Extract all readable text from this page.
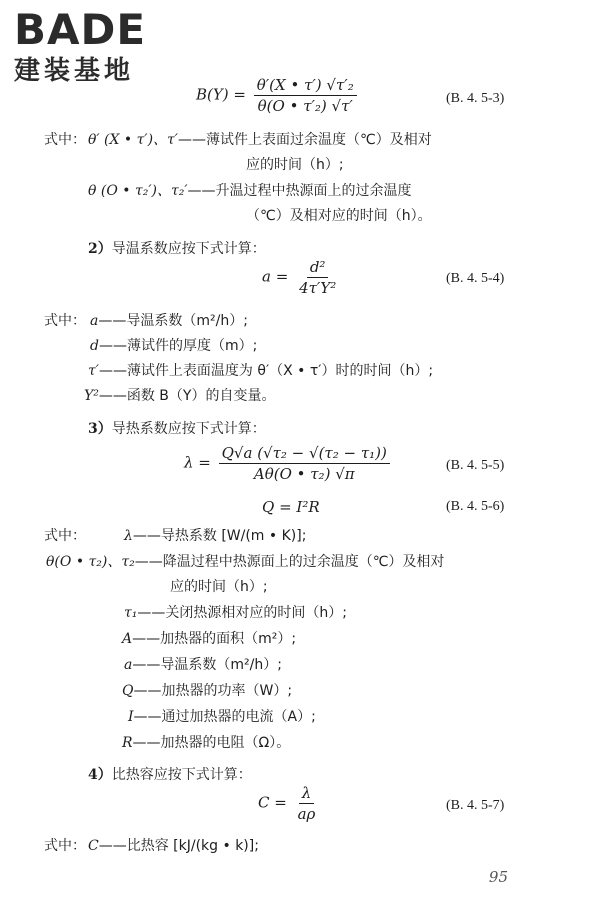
BADE
建装基地
$B(Y) = \frac{\text{θ′(X • τ′) √τ′₂}}{\text{θ(O • τ′₂) √τ′}}$	(B. 4. 5-3)
式中： θ′ (X • τ′)、τ′——薄试件上表面过余温度（℃）及相对
应的时间（h）;
θ (O • τ₂′)、τ₂′——升温过程中热源面上的过余温度
（℃）及相对应的时间（h）。
2）导温系数应按下式计算：
$a = \frac{\text{d²}}{\text{4τ′Y²}}$	(B. 4. 5-4)
式中： a——导温系数（m²/h）;
d——薄试件的厚度（m）;
τ′——薄试件上表面温度为 θ′（X • τ′）时的时间（h）;
Y²——函数 B（Y）的自变量。
3）导热系数应按下式计算：
$\lambda = \frac{\text{Q√a (√τ₂ − √(τ₂ − τ₁))}}{\text{Aθ(O • τ₂) √π}}$	(B. 4. 5-5)
Q = I²R	(B. 4. 5-6)
式中：	λ——导热系数 [W/(m • K)];
θ(O • τ₂)、τ₂——降温过程中热源面上的过余温度（℃）及相对
应的时间（h）;
τ₁——关闭热源相对应的时间（h）;
A——加热器的面积（m²）;
a——导温系数（m²/h）;
Q——加热器的功率（W）;
I——通过加热器的电流（A）;
R——加热器的电阻（Ω）。
4）比热容应按下式计算：
$C = \frac{\lambda}{a\rho}$	(B. 4. 5-7)
式中： C——比热容 [kJ/(kg • k)];
95
